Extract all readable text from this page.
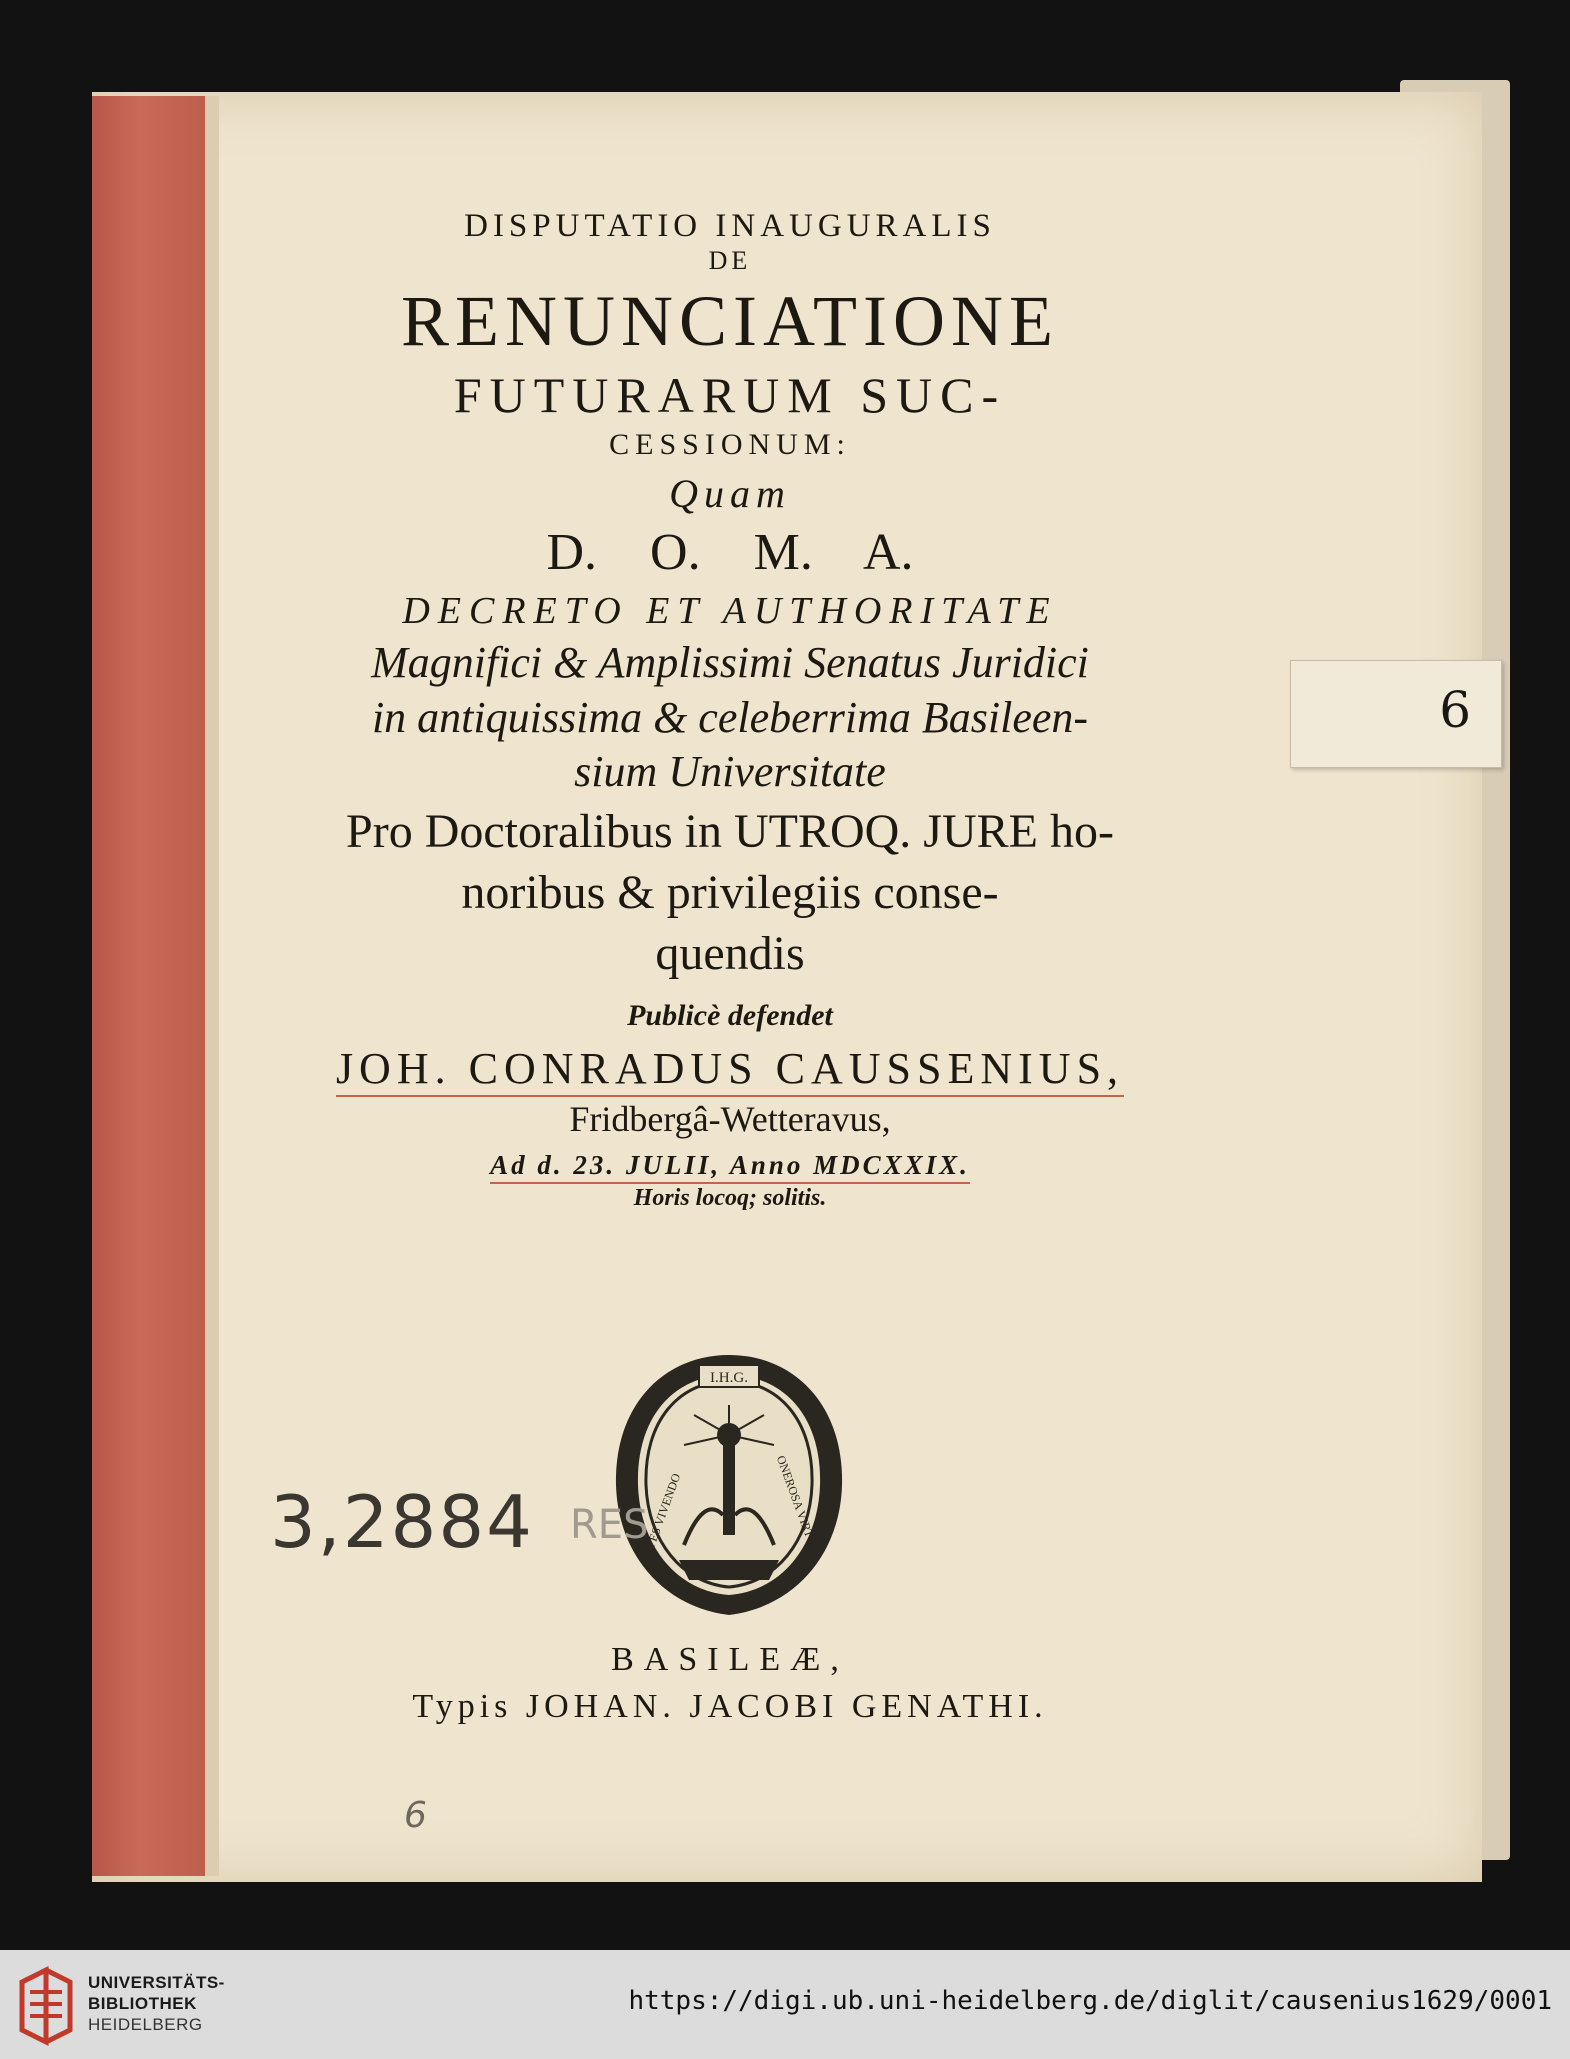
6

DISPUTATIO INAUGURALIS

DE

RENUNCIATIONE

FUTURARUM SUC-

CESSIONUM:

Quam

D. O. M. A.

DECRETO ET AUTHORITATE

Magnifici & Amplissimi Senatus Juridici

in antiquissima & celeberrima Basileen-

sium Universitate

Pro Doctoralibus in UTROQ. JURE ho-

noribus & privilegiis conse-

quendis

Publicè defendet

JOH. CONRADUS CAUSSENIUS,

Fridbergâ-Wetteravus,

Ad d. 23. JULII, Anno MDCXXIX.

Horis locoq; solitis.

I.H.G.
SPES VIVENDO	ONEROSA VIRTUS
3,2884 RES

BASILEÆ,

Typis JOHAN. JACOBI GENATHI.

6
UNIVERSITÄTS-
BIBLIOTHEK
HEIDELBERG
https://digi.ub.uni-heidelberg.de/diglit/causenius1629/0001
